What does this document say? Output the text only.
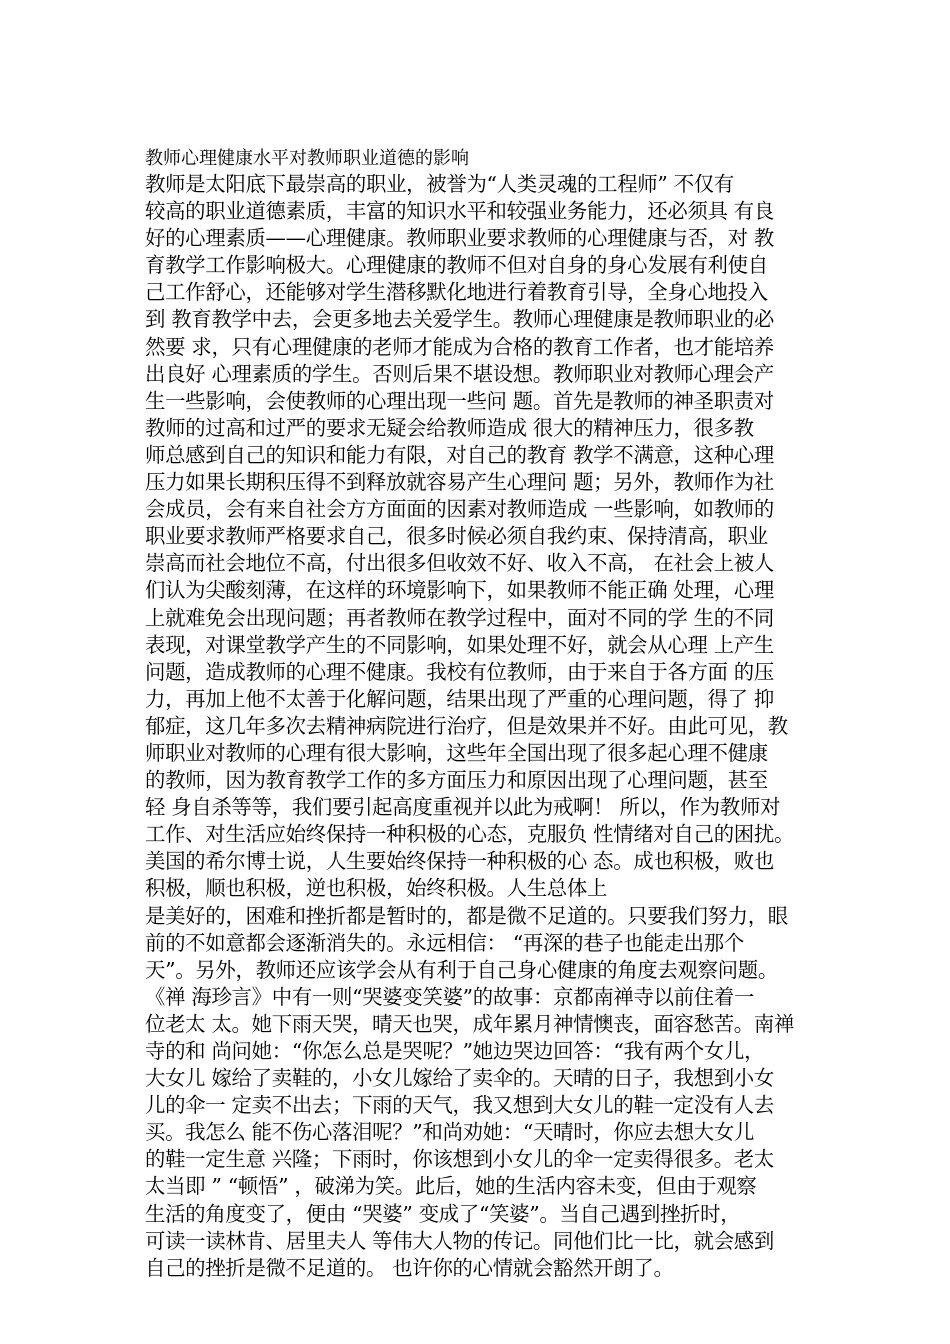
教师心理健康水平对教师职业道德的影响

教师是太阳底下最崇高的职业，被誉为“人类灵魂的工程师” 不仅有

较高的职业道德素质，丰富的知识水平和较强业务能力，还必须具 有良

好的心理素质——心理健康。教师职业要求教师的心理健康与否，对 教

育教学工作影响极大。心理健康的教师不但对自身的身心发展有利使自

己工作舒心，还能够对学生潜移默化地进行着教育引导，全身心地投入

到 教育教学中去，会更多地去关爱学生。教师心理健康是教师职业的必

然要 求，只有心理健康的老师才能成为合格的教育工作者，也才能培养

出良好 心理素质的学生。否则后果不堪设想。教师职业对教师心理会产

生一些影响，会使教师的心理出现一些问 题。首先是教师的神圣职责对

教师的过高和过严的要求无疑会给教师造成 很大的精神压力，很多教

师总感到自己的知识和能力有限，对自己的教育 教学不满意，这种心理

压力如果长期积压得不到释放就容易产生心理问 题；另外，教师作为社

会成员，会有来自社会方方面面的因素对教师造成 一些影响，如教师的

职业要求教师严格要求自己，很多时候必须自我约束、保持清高，职业

崇高而社会地位不高，付出很多但收效不好、收入不高， 在社会上被人

们认为尖酸刻薄，在这样的环境影响下，如果教师不能正确 处理，心理

上就难免会出现问题；再者教师在教学过程中，面对不同的学 生的不同

表现，对课堂教学产生的不同影响，如果处理不好，就会从心理 上产生

问题，造成教师的心理不健康。我校有位教师，由于来自于各方面 的压

力，再加上他不太善于化解问题，结果出现了严重的心理问题，得了 抑

郁症，这几年多次去精神病院进行治疗，但是效果并不好。由此可见，教

师职业对教师的心理有很大影响，这些年全国出现了很多起心理不健康

的教师，因为教育教学工作的多方面压力和原因出现了心理问题，甚至

轻 身自杀等等，我们要引起高度重视并以此为戒啊！ 所以，作为教师对

工作、对生活应始终保持一种积极的心态，克服负 性情绪对自己的困扰。

美国的希尔博士说，人生要始终保持一种积极的心 态。成也积极，败也

积极，顺也积极，逆也积极，始终积极。人生总体上

是美好的，困难和挫折都是暂时的，都是微不足道的。只要我们努力，眼

前的不如意都会逐渐消失的。永远相信： “再深的巷子也能走出那个

天”。另外，教师还应该学会从有利于自己身心健康的角度去观察问题。

《禅 海珍言》中有一则“哭婆变笑婆”的故事：京都南禅寺以前住着一

位老太 太。她下雨天哭，晴天也哭，成年累月神情懊丧，面容愁苦。南禅

寺的和 尚问她：“你怎么总是哭呢？”她边哭边回答：“我有两个女儿，

大女儿 嫁给了卖鞋的，小女儿嫁给了卖伞的。天晴的日子，我想到小女

儿的伞一 定卖不出去；下雨的天气，我又想到大女儿的鞋一定没有人去

买。我怎么 能不伤心落泪呢？”和尚劝她：“天晴时，你应去想大女儿

的鞋一定生意 兴隆；下雨时，你该想到小女儿的伞一定卖得很多。老太

太当即 ” “顿悟” ，破涕为笑。此后，她的生活内容未变，但由于观察

生活的角度变了，便由 “哭婆” 变成了“笑婆”。当自己遇到挫折时，

可读一读林肯、居里夫人 等伟大人物的传记。同他们比一比，就会感到

自己的挫折是微不足道的。 也许你的心情就会豁然开朗了。
